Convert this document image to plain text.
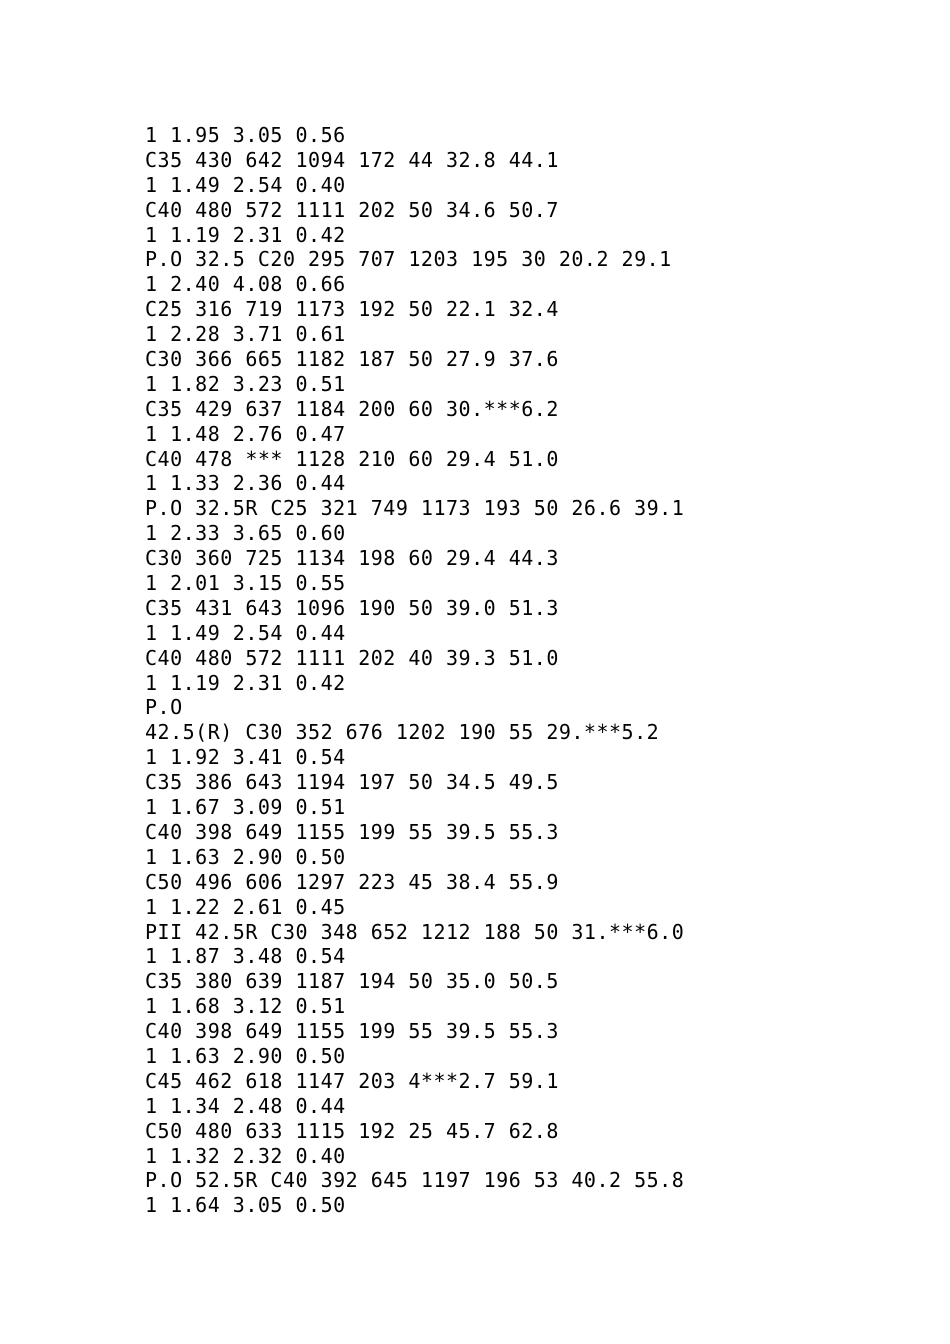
1 1.95 3.05 0.56
C35 430 642 1094 172 44 32.8 44.1
1 1.49 2.54 0.40
C40 480 572 1111 202 50 34.6 50.7
1 1.19 2.31 0.42
P.O 32.5 C20 295 707 1203 195 30 20.2 29.1
1 2.40 4.08 0.66
C25 316 719 1173 192 50 22.1 32.4
1 2.28 3.71 0.61
C30 366 665 1182 187 50 27.9 37.6
1 1.82 3.23 0.51
C35 429 637 1184 200 60 30.***6.2
1 1.48 2.76 0.47
C40 478 *** 1128 210 60 29.4 51.0
1 1.33 2.36 0.44
P.O 32.5R C25 321 749 1173 193 50 26.6 39.1
1 2.33 3.65 0.60
C30 360 725 1134 198 60 29.4 44.3
1 2.01 3.15 0.55
C35 431 643 1096 190 50 39.0 51.3
1 1.49 2.54 0.44
C40 480 572 1111 202 40 39.3 51.0
1 1.19 2.31 0.42
P.O
42.5(R) C30 352 676 1202 190 55 29.***5.2
1 1.92 3.41 0.54
C35 386 643 1194 197 50 34.5 49.5
1 1.67 3.09 0.51
C40 398 649 1155 199 55 39.5 55.3
1 1.63 2.90 0.50
C50 496 606 1297 223 45 38.4 55.9
1 1.22 2.61 0.45
PII 42.5R C30 348 652 1212 188 50 31.***6.0
1 1.87 3.48 0.54
C35 380 639 1187 194 50 35.0 50.5
1 1.68 3.12 0.51
C40 398 649 1155 199 55 39.5 55.3
1 1.63 2.90 0.50
C45 462 618 1147 203 4***2.7 59.1
1 1.34 2.48 0.44
C50 480 633 1115 192 25 45.7 62.8
1 1.32 2.32 0.40
P.O 52.5R C40 392 645 1197 196 53 40.2 55.8
1 1.64 3.05 0.50
